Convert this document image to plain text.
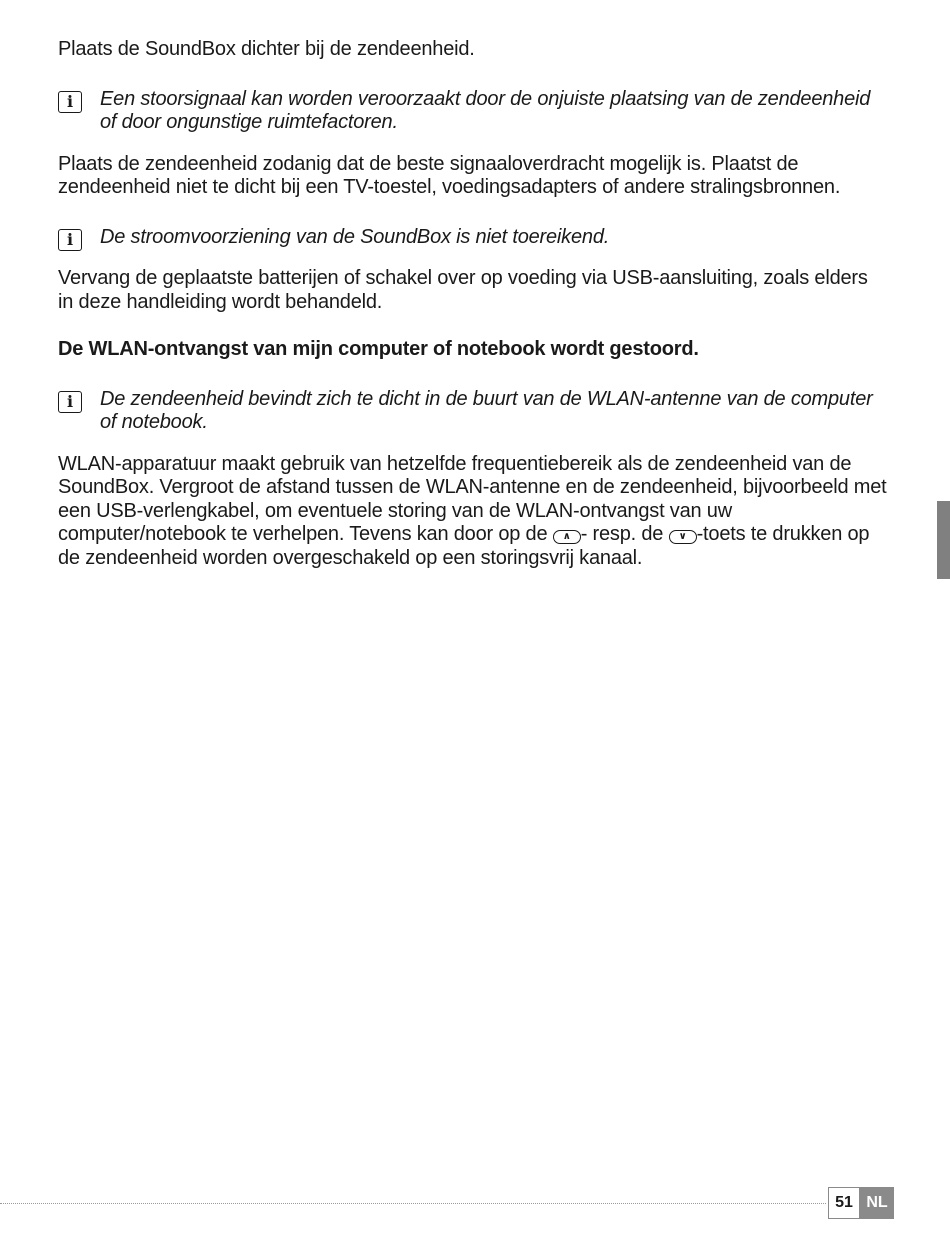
Plaats de SoundBox dichter bij de zendeenheid.

i	Een stoorsignaal kan worden veroorzaakt door de onjuiste plaatsing van de zendeenheid of door ongunstige ruimtefactoren.

Plaats de zendeenheid zodanig dat de beste signaaloverdracht mogelijk is. Plaatst de zendeenheid niet te dicht bij een TV-toestel, voedingsadapters of andere stralingsbronnen.

i	De stroomvoorziening van de SoundBox is niet toereikend.

Vervang de geplaatste batterijen of schakel over op voeding via USB-aansluiting, zoals elders in deze handleiding wordt behandeld.

De WLAN-ontvangst van mijn computer of notebook wordt gestoord.
i	De zendeenheid bevindt zich te dicht in de buurt van de WLAN-antenne van de computer of notebook.

WLAN-apparatuur maakt gebruik van hetzelfde frequentiebereik als de zendeenheid van de SoundBox. Vergroot de afstand tussen de WLAN-antenne en de zendeenheid, bijvoorbeeld met een USB-verlengkabel, om eventuele storing van de WLAN-ontvangst van uw computer/notebook te verhelpen. Tevens kan door op de ∧ - resp. de ∨ -toets te drukken op de zendeenheid worden overgeschakeld op een storingsvrij kanaal.

51 NL
